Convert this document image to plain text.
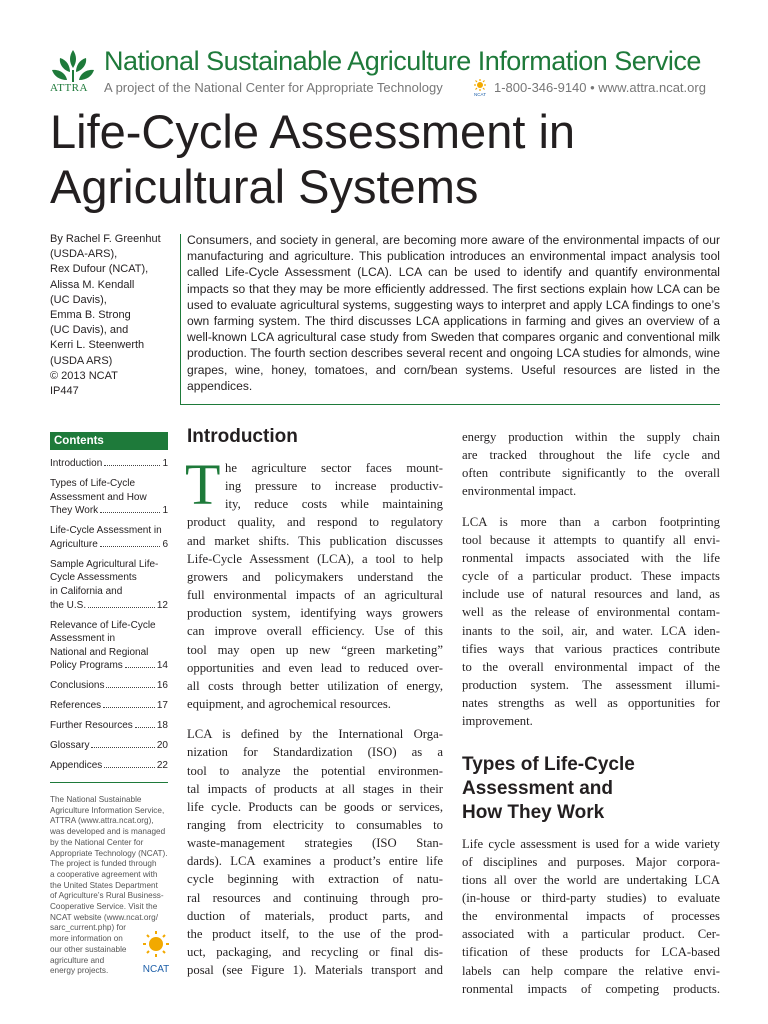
National Sustainable Agriculture Information Service
ATTRA A project of the National Center for Appropriate Technology	NCAT 1-800-346-9140 • www.attra.ncat.org
Life-Cycle Assessment in Agricultural Systems
By Rachel F. Greenhut
(USDA-ARS),
Rex Dufour (NCAT),
Alissa M. Kendall
(UC Davis),
Emma B. Strong
(UC Davis), and
Kerri L. Steenwerth
(USDA ARS)
© 2013 NCAT
IP447
Consumers, and society in general, are becoming more aware of the environmental impacts of our manufacturing and agriculture. This publication introduces an environmental impact analysis tool called Life-Cycle Assessment (LCA). LCA can be used to identify and quantify environmental impacts so that they may be more efficiently addressed. The first sections explain how LCA can be used to evaluate agricultural systems, suggesting ways to interpret and apply LCA findings to one’s own farming system. The third discusses LCA applications in farming and gives an overview of a well-known LCA agricultural case study from Sweden that compares organic and conventional milk production. The fourth section describes several recent and ongoing LCA studies for almonds, wine grapes, wine, honey, tomatoes, and corn/bean systems. Useful resources are listed in the appendices.
Contents
Introduction	1
Types of Life-Cycle
Assessment and How
They Work	1
Life-Cycle Assessment in
Agriculture	6
Sample Agricultural Life-
Cycle Assessments
in California and
the U.S.	12
Relevance of Life-Cycle
Assessment in
National and Regional
Policy Programs	14
Conclusions	16
References	17
Further Resources 18
Glossary	20
Appendices	22
The National Sustainable
Agriculture Information Service,
ATTRA (www.attra.ncat.org),
was developed and is managed
by the National Center for
Appropriate Technology (NCAT).
The project is funded through
a cooperative agreement with
the United States Department
of Agriculture’s Rural Business-
Cooperative Service. Visit the
NCAT website (www.ncat.org/
sarc_current.php) for
more information on
our other sustainable
agriculture and
energy projects.	NCAT
Introduction
T he agriculture sector faces mount-
ing pressure to increase productiv-
ity, reduce costs while maintaining
product quality, and respond to regulatory
and market shifts. This publication discusses
Life-Cycle Assessment (LCA), a tool to help
growers and policymakers understand the
full environmental impacts of an agricultural
production system, identifying ways growers
can improve overall efficiency. Use of this
tool may open up new “green marketing”
opportunities and even lead to reduced over-
all costs through better utilization of energy,
equipment, and agrochemical resources.
LCA is defined by the International Orga-
nization for Standardization (ISO) as a
tool to analyze the potential environmen-
tal impacts of products at all stages in their
life cycle. Products can be goods or services,
ranging from electricity to consumables to
waste-management strategies (ISO Stan-
dards). LCA examines a product’s entire life
cycle beginning with extraction of natu-
ral resources and continuing through pro-
duction of materials, product parts, and
the product itself, to the use of the prod-
uct, packaging, and recycling or final dis-
posal (see Figure 1). Materials transport and
energy production within the supply chain
are tracked throughout the life cycle and
often contribute significantly to the overall
environmental impact.
LCA is more than a carbon footprinting
tool because it attempts to quantify all envi-
ronmental impacts associated with the life
cycle of a particular product. These impacts
include use of natural resources and land, as
well as the release of environmental contam-
inants to the soil, air, and water. LCA iden-
tifies ways that various practices contribute
to the overall environmental impact of the
production system. The assessment illumi-
nates strengths as well as opportunities for
improvement.
Types of Life-Cycle
Assessment and
How They Work
Life cycle assessment is used for a wide variety
of disciplines and purposes. Major corpora-
tions all over the world are undertaking LCA
(in-house or third-party studies) to evaluate
the environmental impacts of processes
associated with a particular product. Cer-
tification of these products for LCA-based
labels can help compare the relative envi-
ronmental impacts of competing products.
